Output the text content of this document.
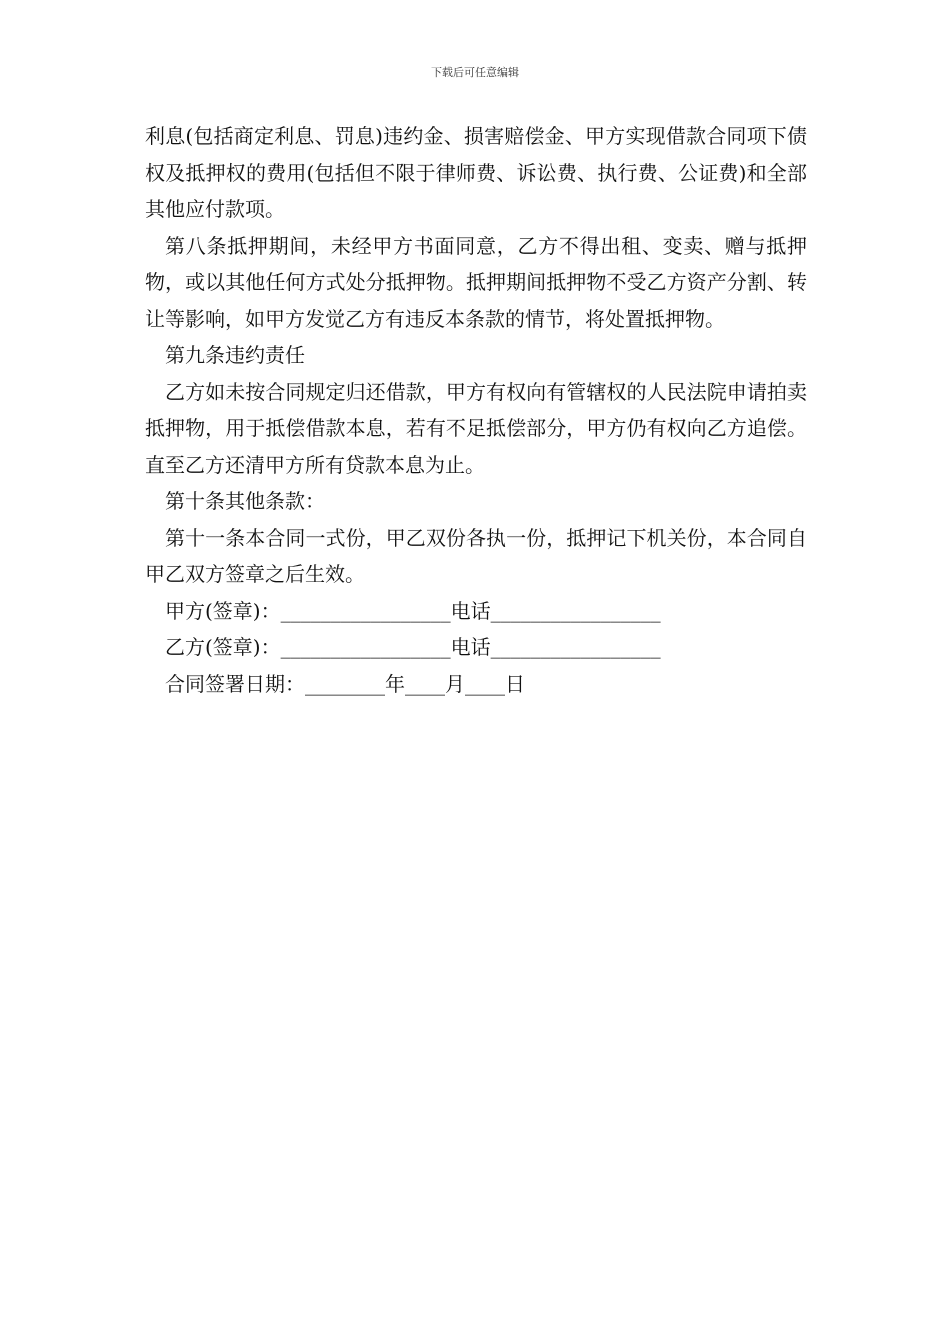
下载后可任意编辑

利息(包括商定利息、罚息)违约金、损害赔偿金、甲方实现借款合同项下债权及抵押权的费用(包括但不限于律师费、诉讼费、执行费、公证费)和全部其他应付款项。

第八条抵押期间，未经甲方书面同意，乙方不得出租、变卖、赠与抵押物，或以其他任何方式处分抵押物。抵押期间抵押物不受乙方资产分割、转让等影响，如甲方发觉乙方有违反本条款的情节，将处置抵押物。

第九条违约责任

乙方如未按合同规定归还借款，甲方有权向有管辖权的人民法院申请拍卖抵押物，用于抵偿借款本息，若有不足抵偿部分，甲方仍有权向乙方追偿。直至乙方还清甲方所有贷款本息为止。

第十条其他条款：

第十一条本合同一式份，甲乙双份各执一份，抵押记下机关份，本合同自甲乙双方签章之后生效。

甲方(签章)：_________________电话_________________

乙方(签章)：_________________电话_________________

合同签署日期：________年____月____日
